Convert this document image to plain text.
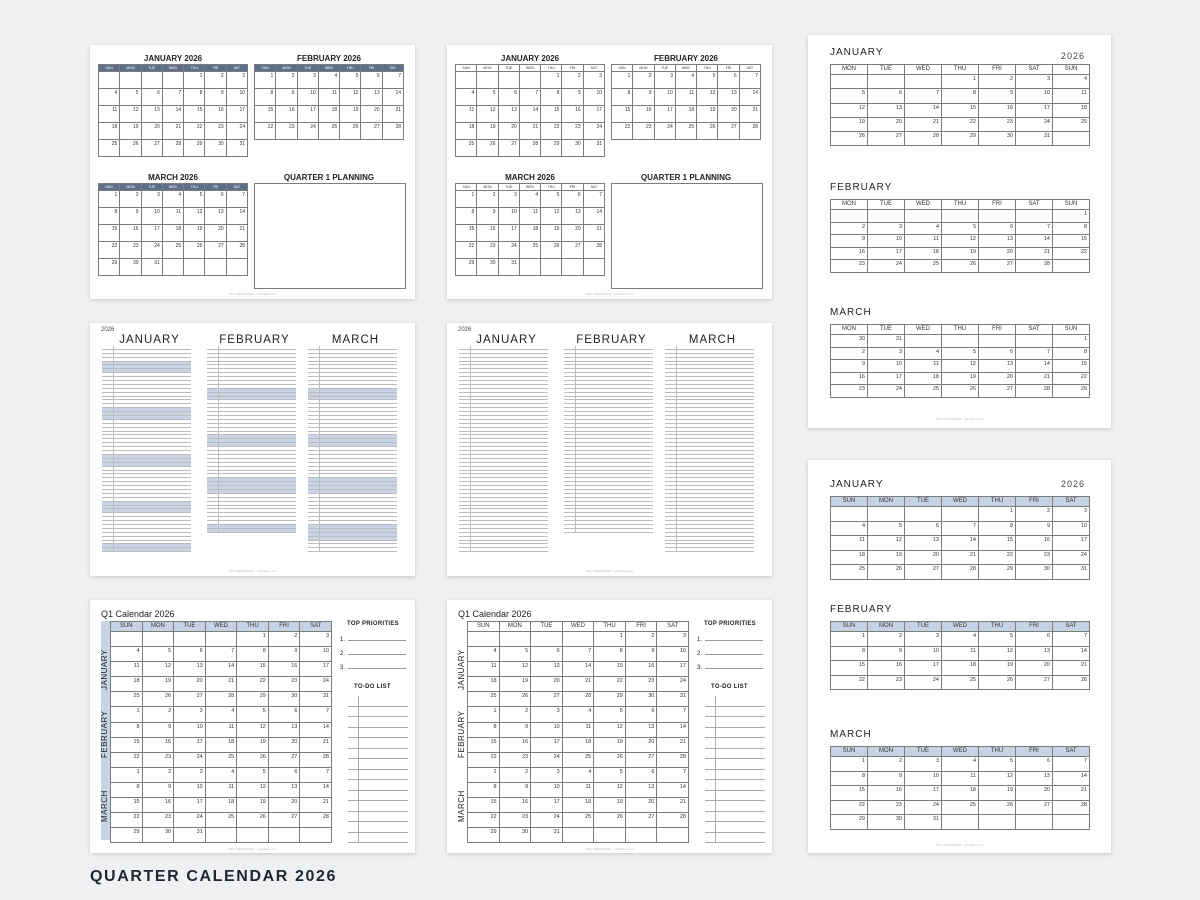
JANUARY 2026
SUN	MON	TUE	WED	THU	FRI	SAT
				1	2	3
4	5	6	7	8	9	10
11	12	13	14	15	16	17
18	19	20	21	22	23	24
25	26	27	28	29	30	31
FEBRUARY 2026
SUN	MON	TUE	WED	THU	FRI	SAT
1	2	3	4	5	6	7
8	9	10	11	12	13	14
15	16	17	18	19	20	21
22	23	24	25	26	27	28
MARCH 2026
SUN	MON	TUE	WED	THU	FRI	SAT
1	2	3	4	5	6	7
8	9	10	11	12	13	14
15	16	17	18	19	20	21
22	23	24	25	26	27	28
29	30	31				
QUARTER 1 PLANNING
TIDY PRINTABLES · printables.com
JANUARY 2026
SUN	MON	TUE	WED	THU	FRI	SAT
				1	2	3
4	5	6	7	8	9	10
11	12	13	14	15	16	17
18	19	20	21	22	23	24
25	26	27	28	29	30	31
FEBRUARY 2026
SUN	MON	TUE	WED	THU	FRI	SAT
1	2	3	4	5	6	7
8	9	10	11	12	13	14
15	16	17	18	19	20	21
22	23	24	25	26	27	28
MARCH 2026
SUN	MON	TUE	WED	THU	FRI	SAT
1	2	3	4	5	6	7
8	9	10	11	12	13	14
15	16	17	18	19	20	21
22	23	24	25	26	27	28
29	30	31				
QUARTER 1 PLANNING
TIDY PRINTABLES · printables.com
2026
JANUARY	FEBRUARY	MARCH
TIDY PRINTABLES · printables.com
2026
JANUARY	FEBRUARY	MARCH
TIDY PRINTABLES · printables.com
Q1 Calendar 2026
SUN	MON	TUE	WED	THU	FRI	SAT
				1	2	3
4	5	6	7	8	9	10
11	12	13	14	15	16	17
18	19	20	21	22	23	24
25	26	27	28	29	30	31
1	2	3	4	5	6	7
8	9	10	11	12	13	14
15	16	17	18	19	20	21
22	23	24	25	26	27	28
1	2	3	4	5	6	7
8	9	10	11	12	13	14
15	16	17	18	19	20	21
22	23	24	25	26	27	28
29	30	31				
JANUARY
FEBRUARY
MARCH
TOP PRIORITIES
1.
2.
3.
TO-DO LIST
TIDY PRINTABLES · printables.com
Q1 Calendar 2026
SUN	MON	TUE	WED	THU	FRI	SAT
				1	2	3
4	5	6	7	8	9	10
11	12	13	14	15	16	17
18	19	20	21	22	23	24
25	26	27	28	29	30	31
1	2	3	4	5	6	7
8	9	10	11	12	13	14
15	16	17	18	19	20	21
22	23	24	25	26	27	28
1	2	3	4	5	6	7
8	9	10	11	12	13	14
15	16	17	18	19	20	21
22	23	24	25	26	27	28
29	30	31				
JANUARY
FEBRUARY
MARCH
TOP PRIORITIES
1.
2.
3.
TO-DO LIST
TIDY PRINTABLES · printables.com
JANUARY
MON	TUE	WED	THU	FRI	SAT	SUN
			1	2	3	4
5	6	7	8	9	10	11
12	13	14	15	16	17	18
19	20	21	22	23	24	25
26	27	28	29	30	31	
FEBRUARY
MON	TUE	WED	THU	FRI	SAT	SUN
						1
2	3	4	5	6	7	8
9	10	11	12	13	14	15
16	17	18	19	20	21	22
23	24	25	26	27	28	
MARCH
MON	TUE	WED	THU	FRI	SAT	SUN
30	31					1
2	3	4	5	6	7	8
9	10	11	12	13	14	15
16	17	18	19	20	21	22
23	24	25	26	27	28	29
2026
TIDY PRINTABLES · printables.com
JANUARY
SUN	MON	TUE	WED	THU	FRI	SAT
				1	2	3
4	5	6	7	8	9	10
11	12	13	14	15	16	17
18	19	20	21	22	23	24
25	26	27	28	29	30	31
FEBRUARY
SUN	MON	TUE	WED	THU	FRI	SAT
1	2	3	4	5	6	7
8	9	10	11	12	13	14
15	16	17	18	19	20	21
22	23	24	25	26	27	28
MARCH
SUN	MON	TUE	WED	THU	FRI	SAT
1	2	3	4	5	6	7
8	9	10	11	12	13	14
15	16	17	18	19	20	21
22	23	24	25	26	27	28
29	30	31				
2026
TIDY PRINTABLES · printables.com
QUARTER CALENDAR 2026
